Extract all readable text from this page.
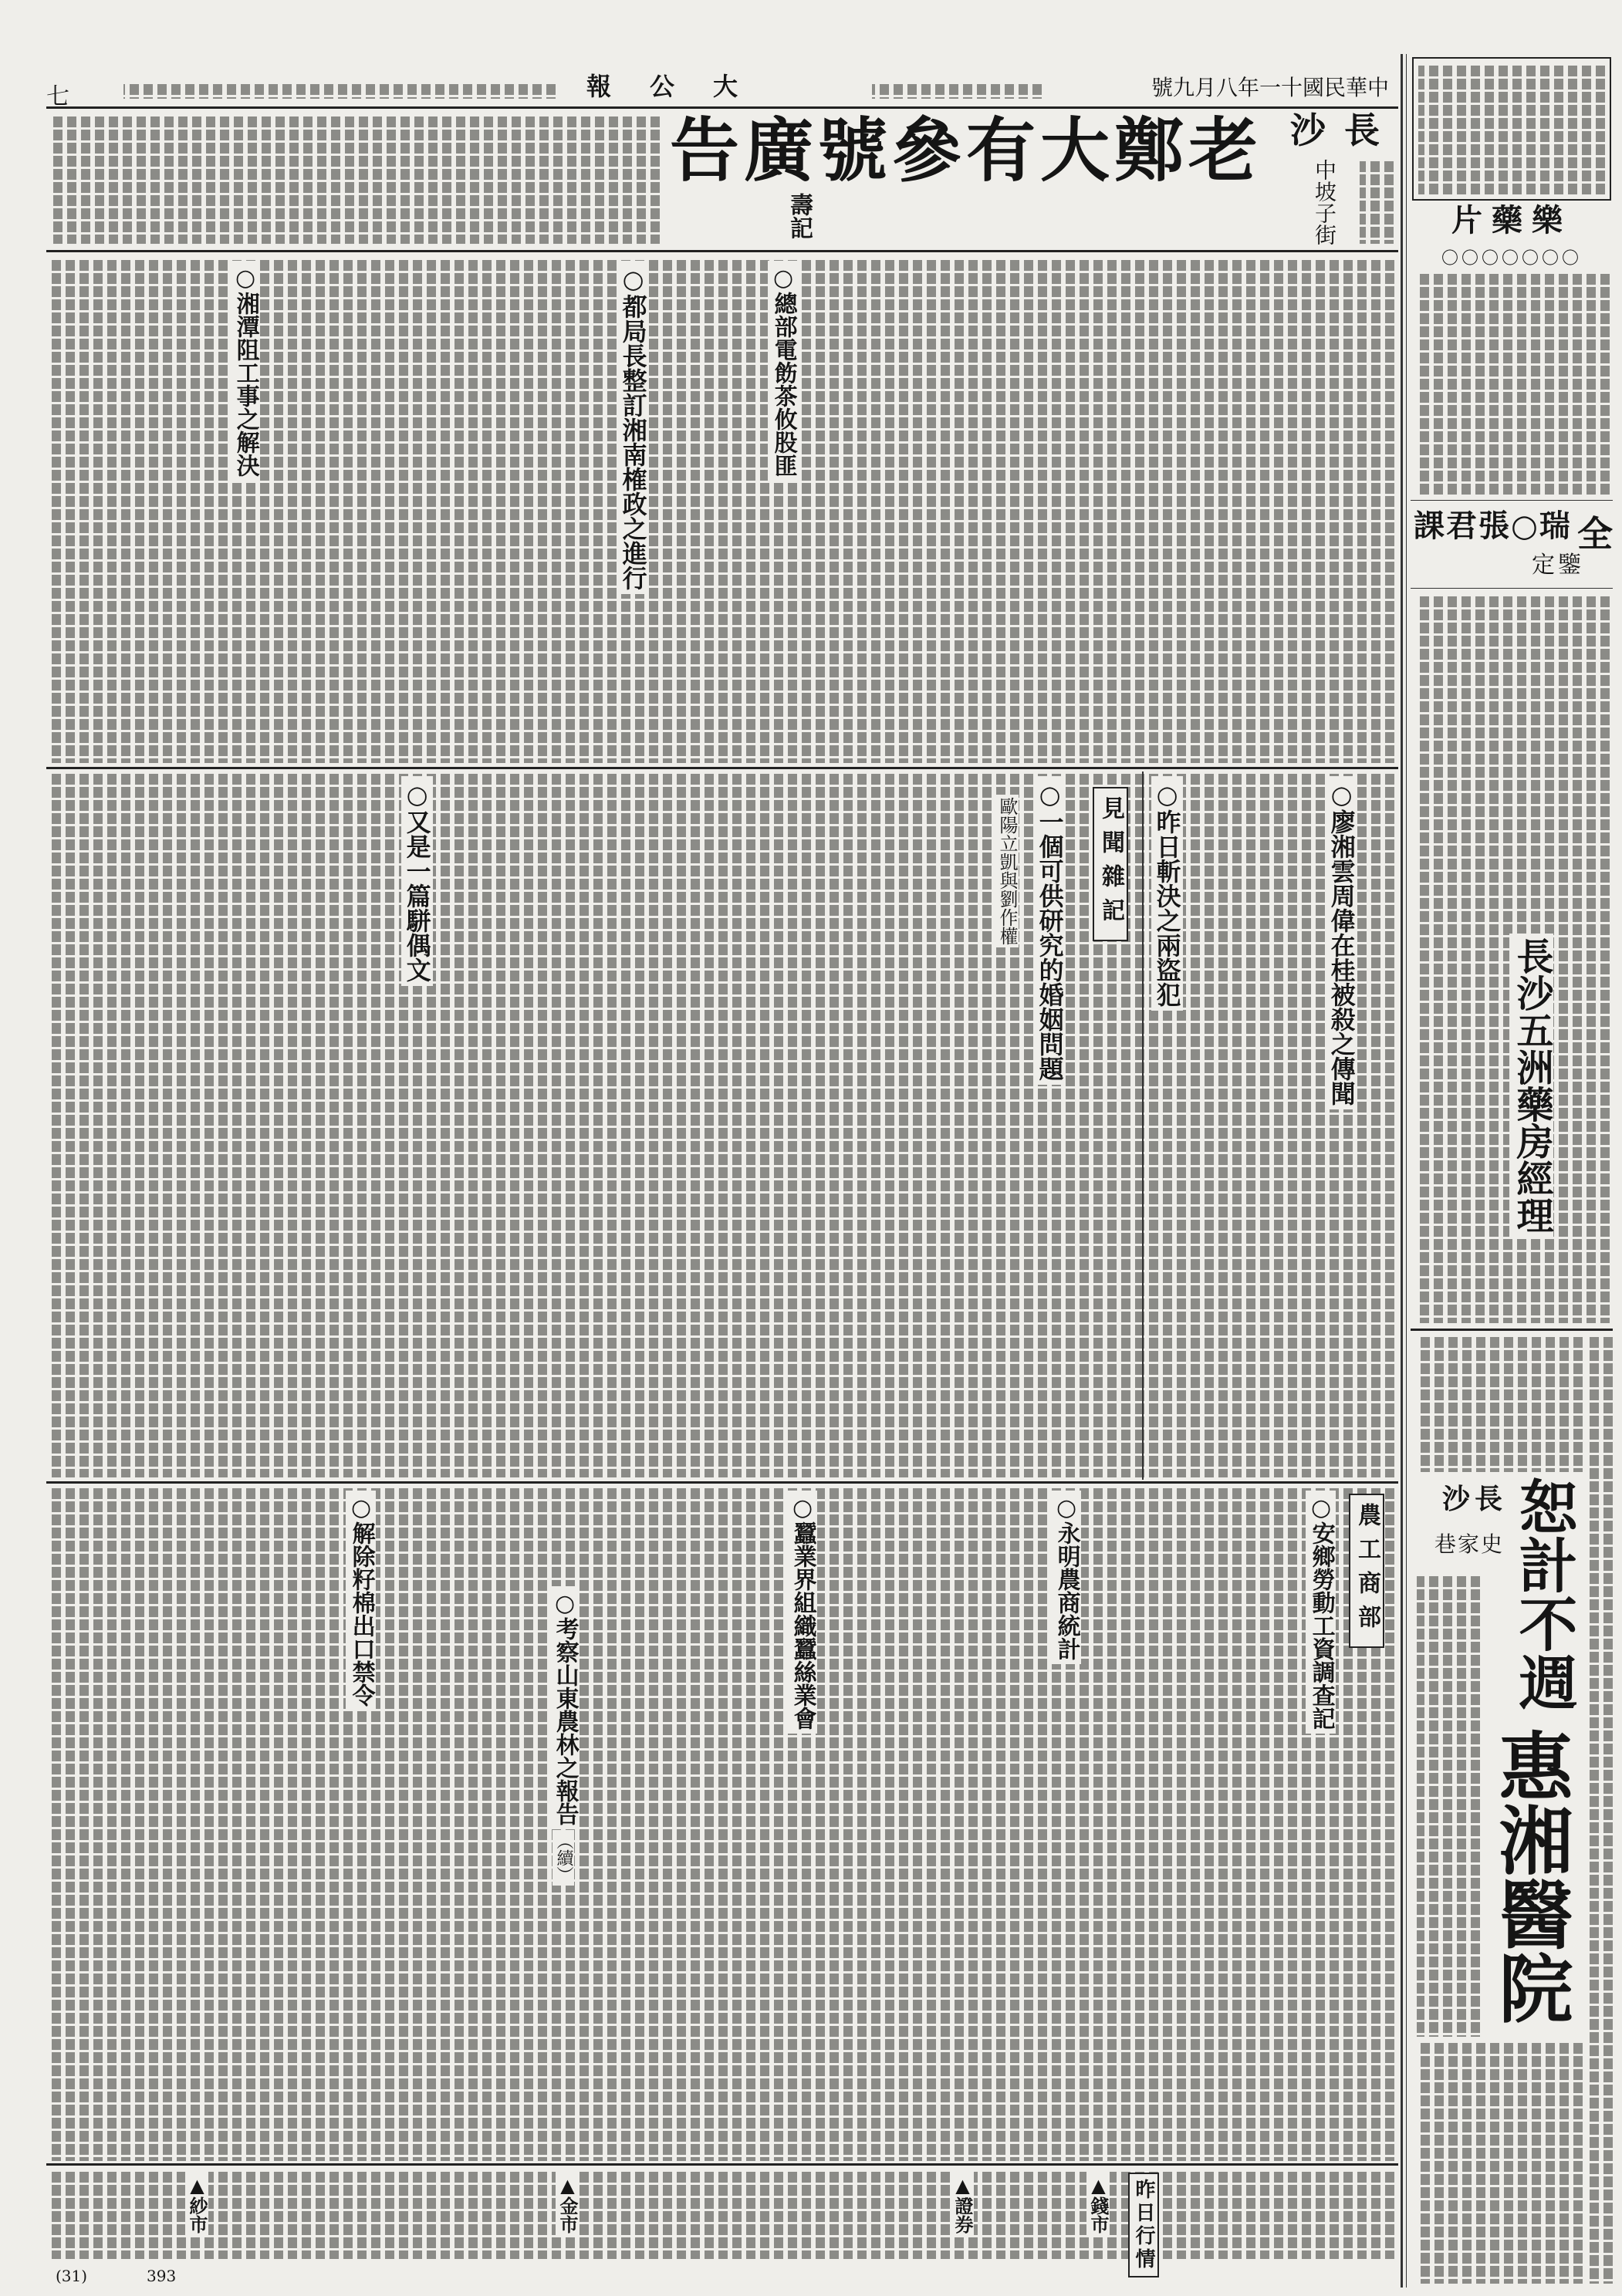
七	大公報	中華民國十一年八月九號
老鄭大有參號廣告
壽記
長沙
中坡子街
○總部電飭茶攸股匪
○都局長整訂湘南榷政之進行
○湘潭阻工事之解決
○廖湘雲周偉在桂被殺之傳聞
○昨日斬決之兩盜犯
見聞雜記
○一個可供研究的婚姻問題
歐陽立凱與劉作權
○又是一篇駢偶文
農工商部
○安鄉勞動工資調查記
○永明農商統計
○蠶業界組織蠶絲業會
○考察山東農林之報告
（續）
○解除籽棉出口禁令
昨日行情
▲錢市
▲證券
▲金市
▲紗市
(31)	393
樂藥片
〇〇〇〇〇〇〇
全
瑞○張君課
鑒定
長沙五洲藥房經理
長沙
史家巷 恕計不週
惠湘醫院
